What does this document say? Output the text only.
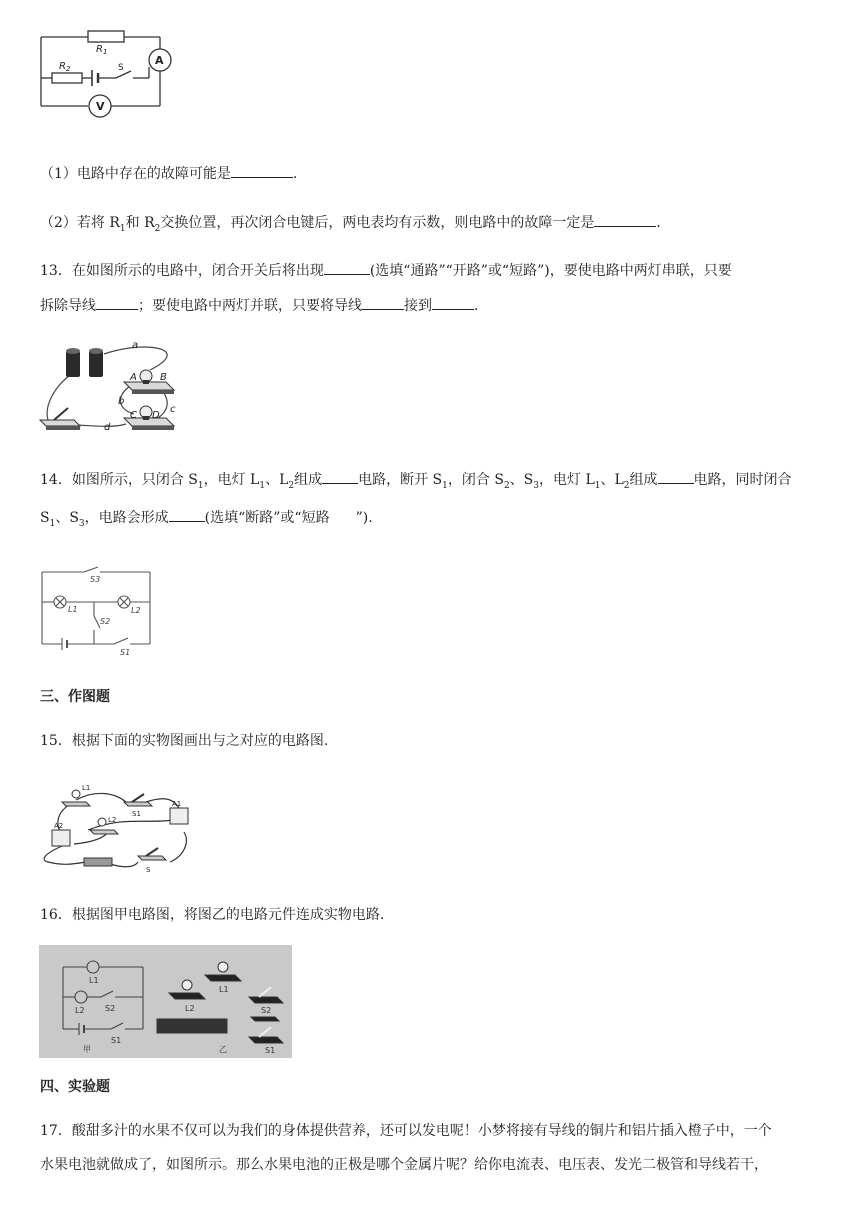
$R_1$
$R_2$	S
A
V
（1）电路中存在的故障可能是	.
（2）若将 $R_1$和 $R_2$交换位置，再次闭合电键后，两电表均有示数，则电路中的故障一定是	.
13．在如图所示的电路中，闭合开关后将出现	(选填“通路”“开路”或“短路”)，要使电路中两灯串联，只要
拆除导线	；要使电路中两灯并联，只要将导线	接到	.
a
A B
b
c
C D
d
14．如图所示，只闭合 $S_1$，电灯 $L_1$、$L_2$组成	电路，断开 $S_1$，闭合 $S_2$、$S_3$，电灯 $L_1$、$L_2$组成	电路，同时闭合
$S_1$、$S_3$，电路会形成	(选填“断路”或“短路 ”).
S3
L1	L2
S2
S1
三、作图题
15．根据下面的实物图画出与之对应的电路图.
L1
S1
A1
L2
A2
S
16．根据图甲电路图，将图乙的电路元件连成实物电路.
L1
L2	S2
S1
甲	乙
L1
L2	S2
S1
四、实验题
17．酸甜多汁的水果不仅可以为我们的身体提供营养，还可以发电呢！小梦将接有导线的铜片和铝片插入橙子中，一个
水果电池就做成了，如图所示。那么水果电池的正极是哪个金属片呢？给你电流表、电压表、发光二极管和导线若干，
